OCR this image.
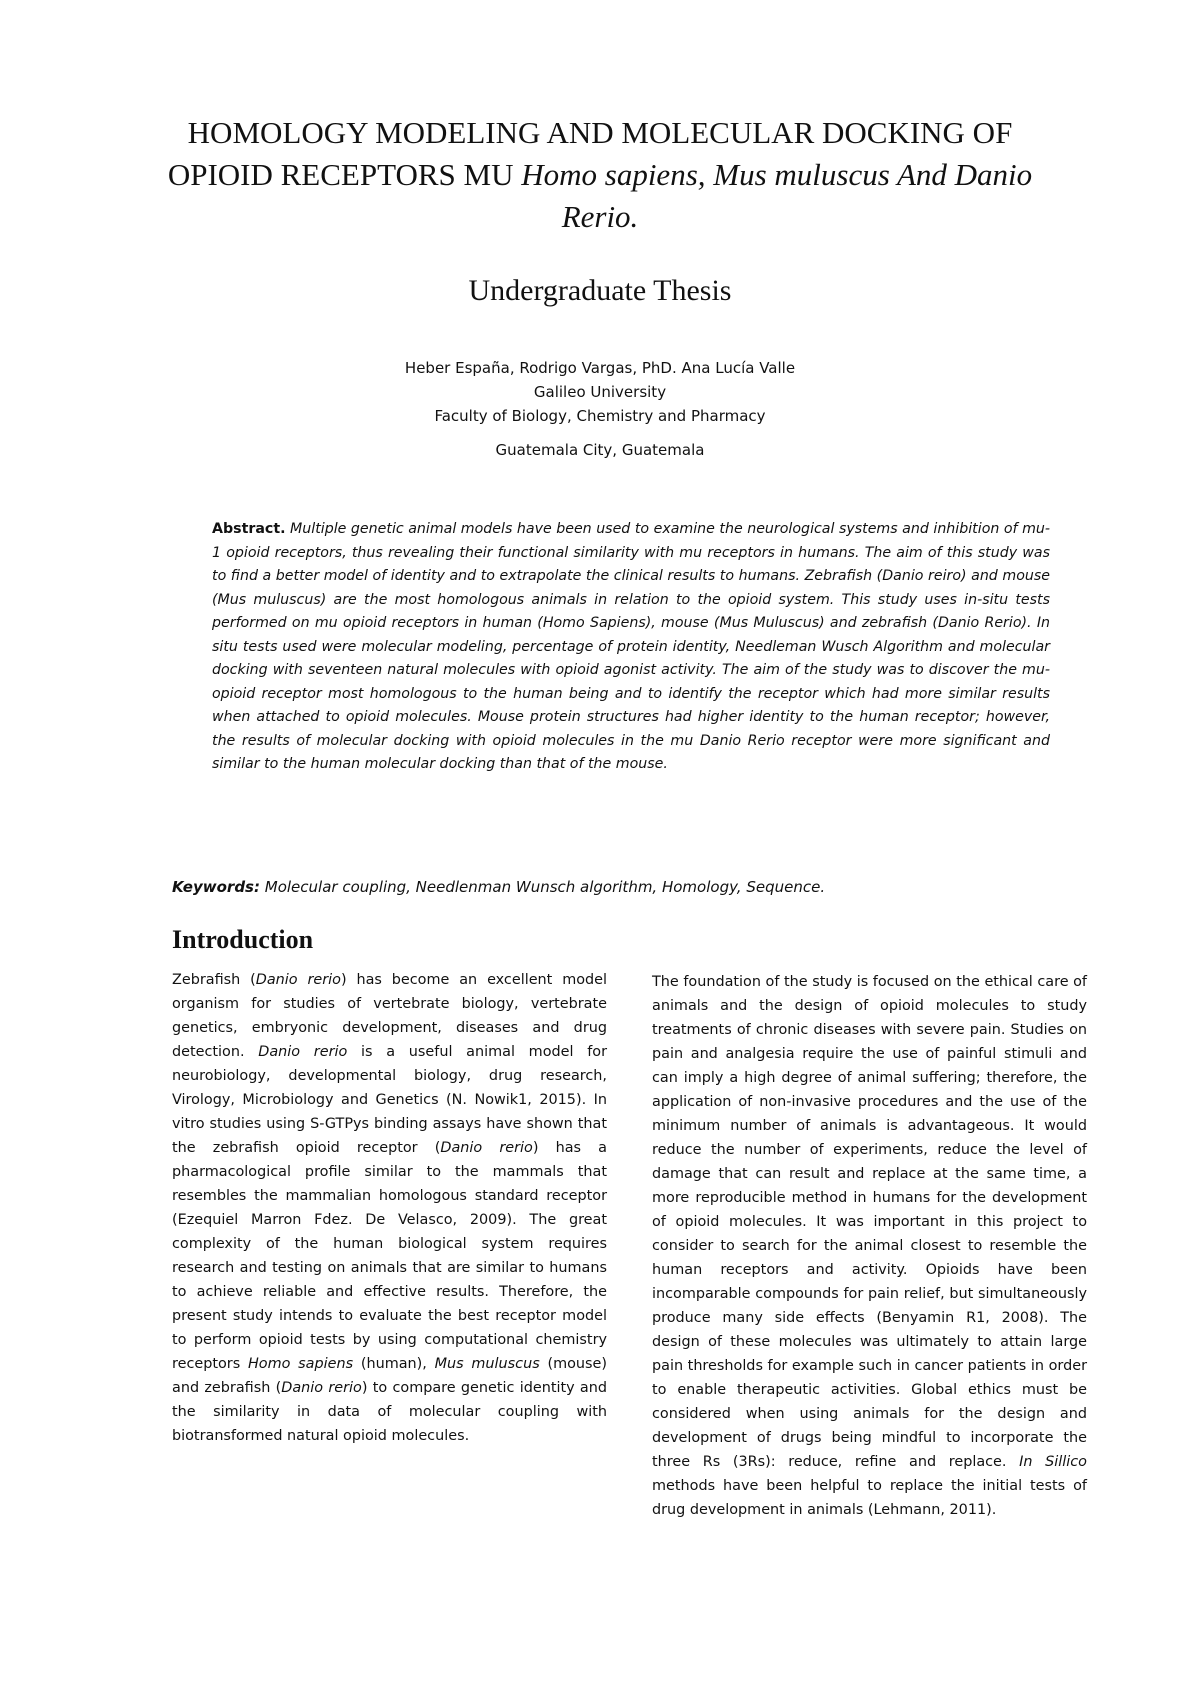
HOMOLOGY MODELING AND MOLECULAR DOCKING OF
OPIOID RECEPTORS MU Homo sapiens, Mus muluscus And Danio
Rerio.
Undergraduate Thesis
Heber España, Rodrigo Vargas, PhD. Ana Lucía Valle
Galileo University
Faculty of Biology, Chemistry and Pharmacy
Guatemala City, Guatemala

Abstract. Multiple genetic animal models have been used to examine the neurological systems and inhibition of mu-1 opioid receptors, thus revealing their functional similarity with mu receptors in humans. The aim of this study was to find a better model of identity and to extrapolate the clinical results to humans. Zebrafish (Danio reiro) and mouse (Mus muluscus) are the most homologous animals in relation to the opioid system. This study uses in-situ tests performed on mu opioid receptors in human (Homo Sapiens), mouse (Mus Muluscus) and zebrafish (Danio Rerio). In situ tests used were molecular modeling, percentage of protein identity, Needleman Wusch Algorithm and molecular docking with seventeen natural molecules with opioid agonist activity. The aim of the study was to discover the mu-opioid receptor most homologous to the human being and to identify the receptor which had more similar results when attached to opioid molecules. Mouse protein structures had higher identity to the human receptor; however, the results of molecular docking with opioid molecules in the mu Danio Rerio receptor were more significant and similar to the human molecular docking than that of the mouse.

Keywords: Molecular coupling, Needlenman Wunsch algorithm, Homology, Sequence.

Introduction

Zebrafish (Danio rerio) has become an excellent model organism for studies of vertebrate biology, vertebrate genetics, embryonic development, diseases and drug detection. Danio rerio is a useful animal model for neurobiology, developmental biology, drug research, Virology, Microbiology and Genetics (N. Nowik1, 2015). In vitro studies using S-GTPys binding assays have shown that the zebrafish opioid receptor (Danio rerio) has a pharmacological profile similar to the mammals that resembles the mammalian homologous standard receptor (Ezequiel Marron Fdez. De Velasco, 2009). The great complexity of the human biological system requires research and testing on animals that are similar to humans to achieve reliable and effective results. Therefore, the present study intends to evaluate the best receptor model to perform opioid tests by using computational chemistry receptors Homo sapiens (human), Mus muluscus (mouse) and zebrafish (Danio rerio) to compare genetic identity and the similarity in data of molecular coupling with biotransformed natural opioid molecules.

The foundation of the study is focused on the ethical care of animals and the design of opioid molecules to study treatments of chronic diseases with severe pain. Studies on pain and analgesia require the use of painful stimuli and can imply a high degree of animal suffering; therefore, the application of non-invasive procedures and the use of the minimum number of animals is advantageous. It would reduce the number of experiments, reduce the level of damage that can result and replace at the same time, a more reproducible method in humans for the development of opioid molecules. It was important in this project to consider to search for the animal closest to resemble the human receptors and activity. Opioids have been incomparable compounds for pain relief, but simultaneously produce many side effects (Benyamin R1, 2008). The design of these molecules was ultimately to attain large pain thresholds for example such in cancer patients in order to enable therapeutic activities. Global ethics must be considered when using animals for the design and development of drugs being mindful to incorporate the three Rs (3Rs): reduce, refine and replace. In Sillico methods have been helpful to replace the initial tests of drug development in animals (Lehmann, 2011).
